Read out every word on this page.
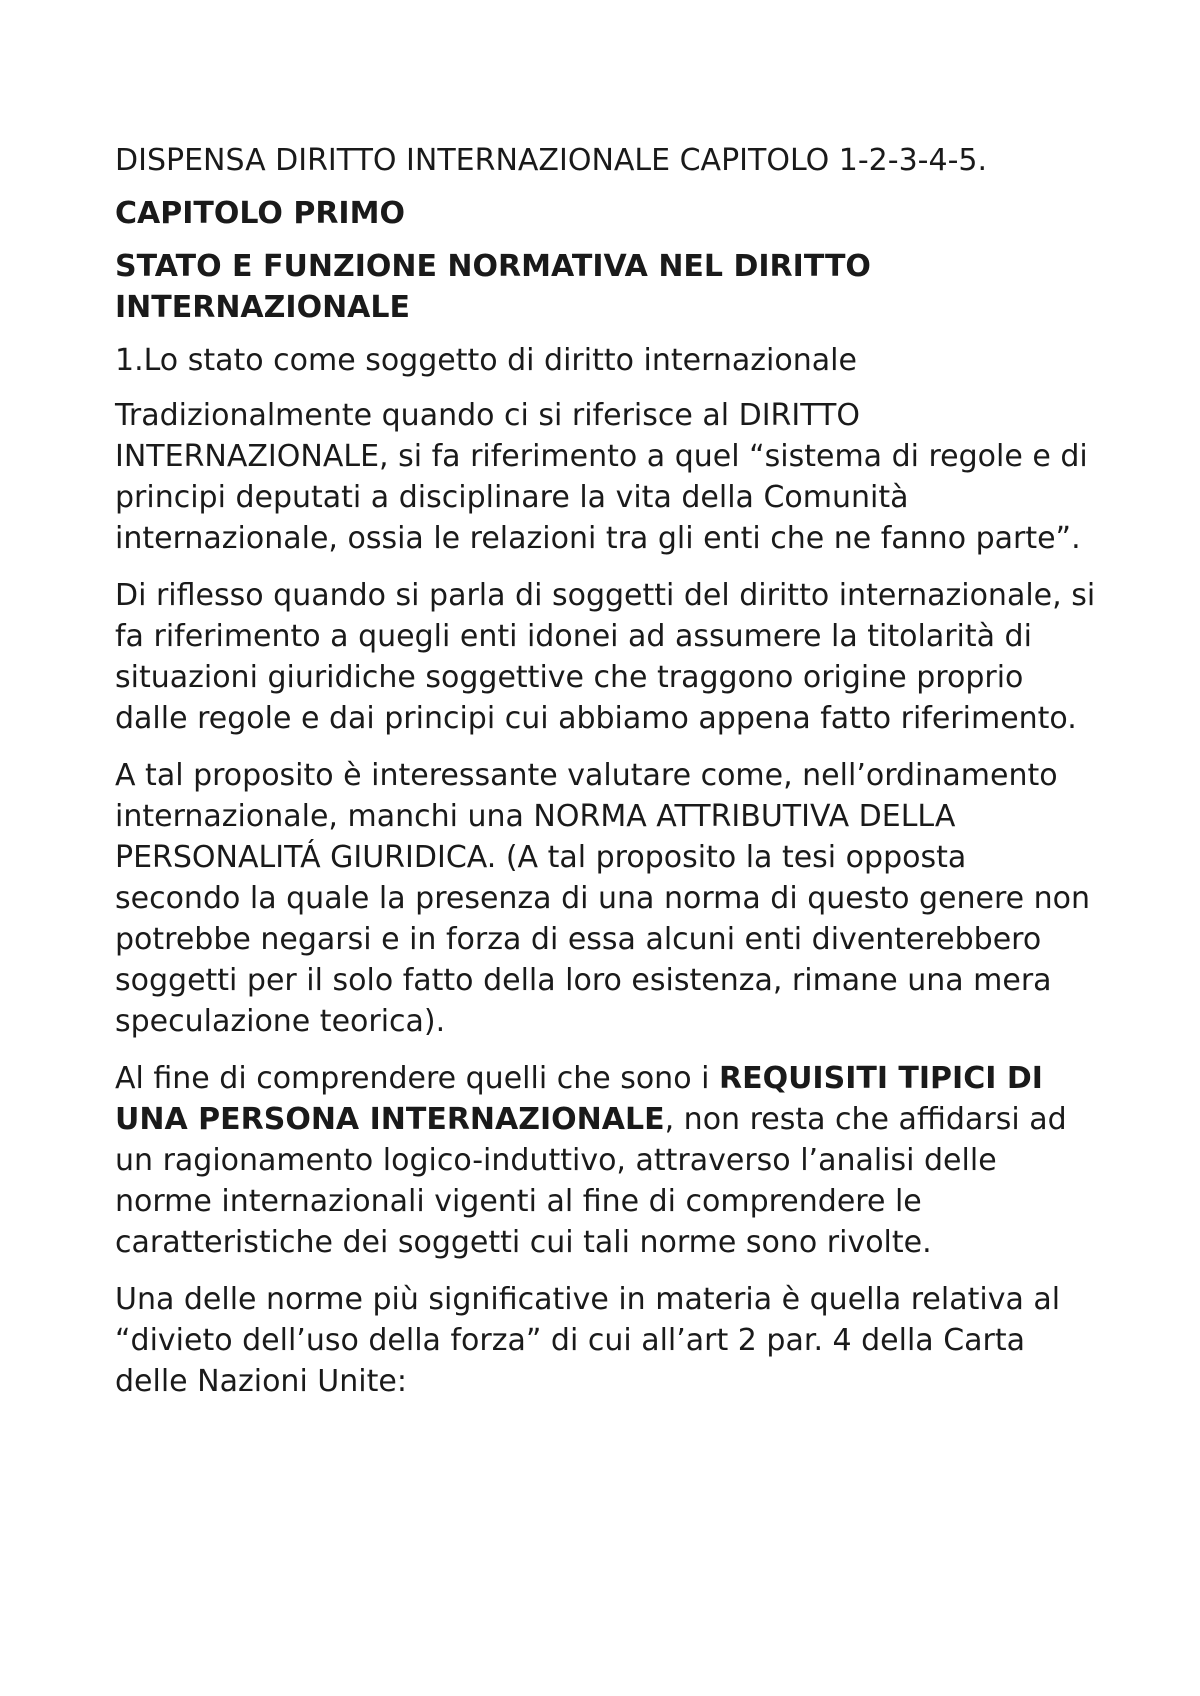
DISPENSA DIRITTO INTERNAZIONALE CAPITOLO 1-2-3-4-5.

CAPITOLO PRIMO

STATO E FUNZIONE NORMATIVA NEL DIRITTO INTERNAZIONALE

1.Lo stato come soggetto di diritto internazionale

Tradizionalmente quando ci si riferisce al DIRITTO INTERNAZIONALE, si fa riferimento a quel “sistema di regole e di principi deputati a disciplinare la vita della Comunità internazionale, ossia le relazioni tra gli enti che ne fanno parte”.

Di riflesso quando si parla di soggetti del diritto internazionale, si fa riferimento a quegli enti idonei ad assumere la titolarità di situazioni giuridiche soggettive che traggono origine proprio dalle regole e dai principi cui abbiamo appena fatto riferimento.

A tal proposito è interessante valutare come, nell’ordinamento internazionale, manchi una NORMA ATTRIBUTIVA DELLA PERSONALITÁ GIURIDICA. (A tal proposito la tesi opposta secondo la quale la presenza di una norma di questo genere non potrebbe negarsi e in forza di essa alcuni enti diventerebbero soggetti per il solo fatto della loro esistenza, rimane una mera speculazione teorica).

Al fine di comprendere quelli che sono i REQUISITI TIPICI DI UNA PERSONA INTERNAZIONALE, non resta che affidarsi ad un ragionamento logico-induttivo, attraverso l’analisi delle norme internazionali vigenti al fine di comprendere le caratteristiche dei soggetti cui tali norme sono rivolte.

Una delle norme più significative in materia è quella relativa al “divieto dell’uso della forza” di cui all’art 2 par. 4 della Carta delle Nazioni Unite:
